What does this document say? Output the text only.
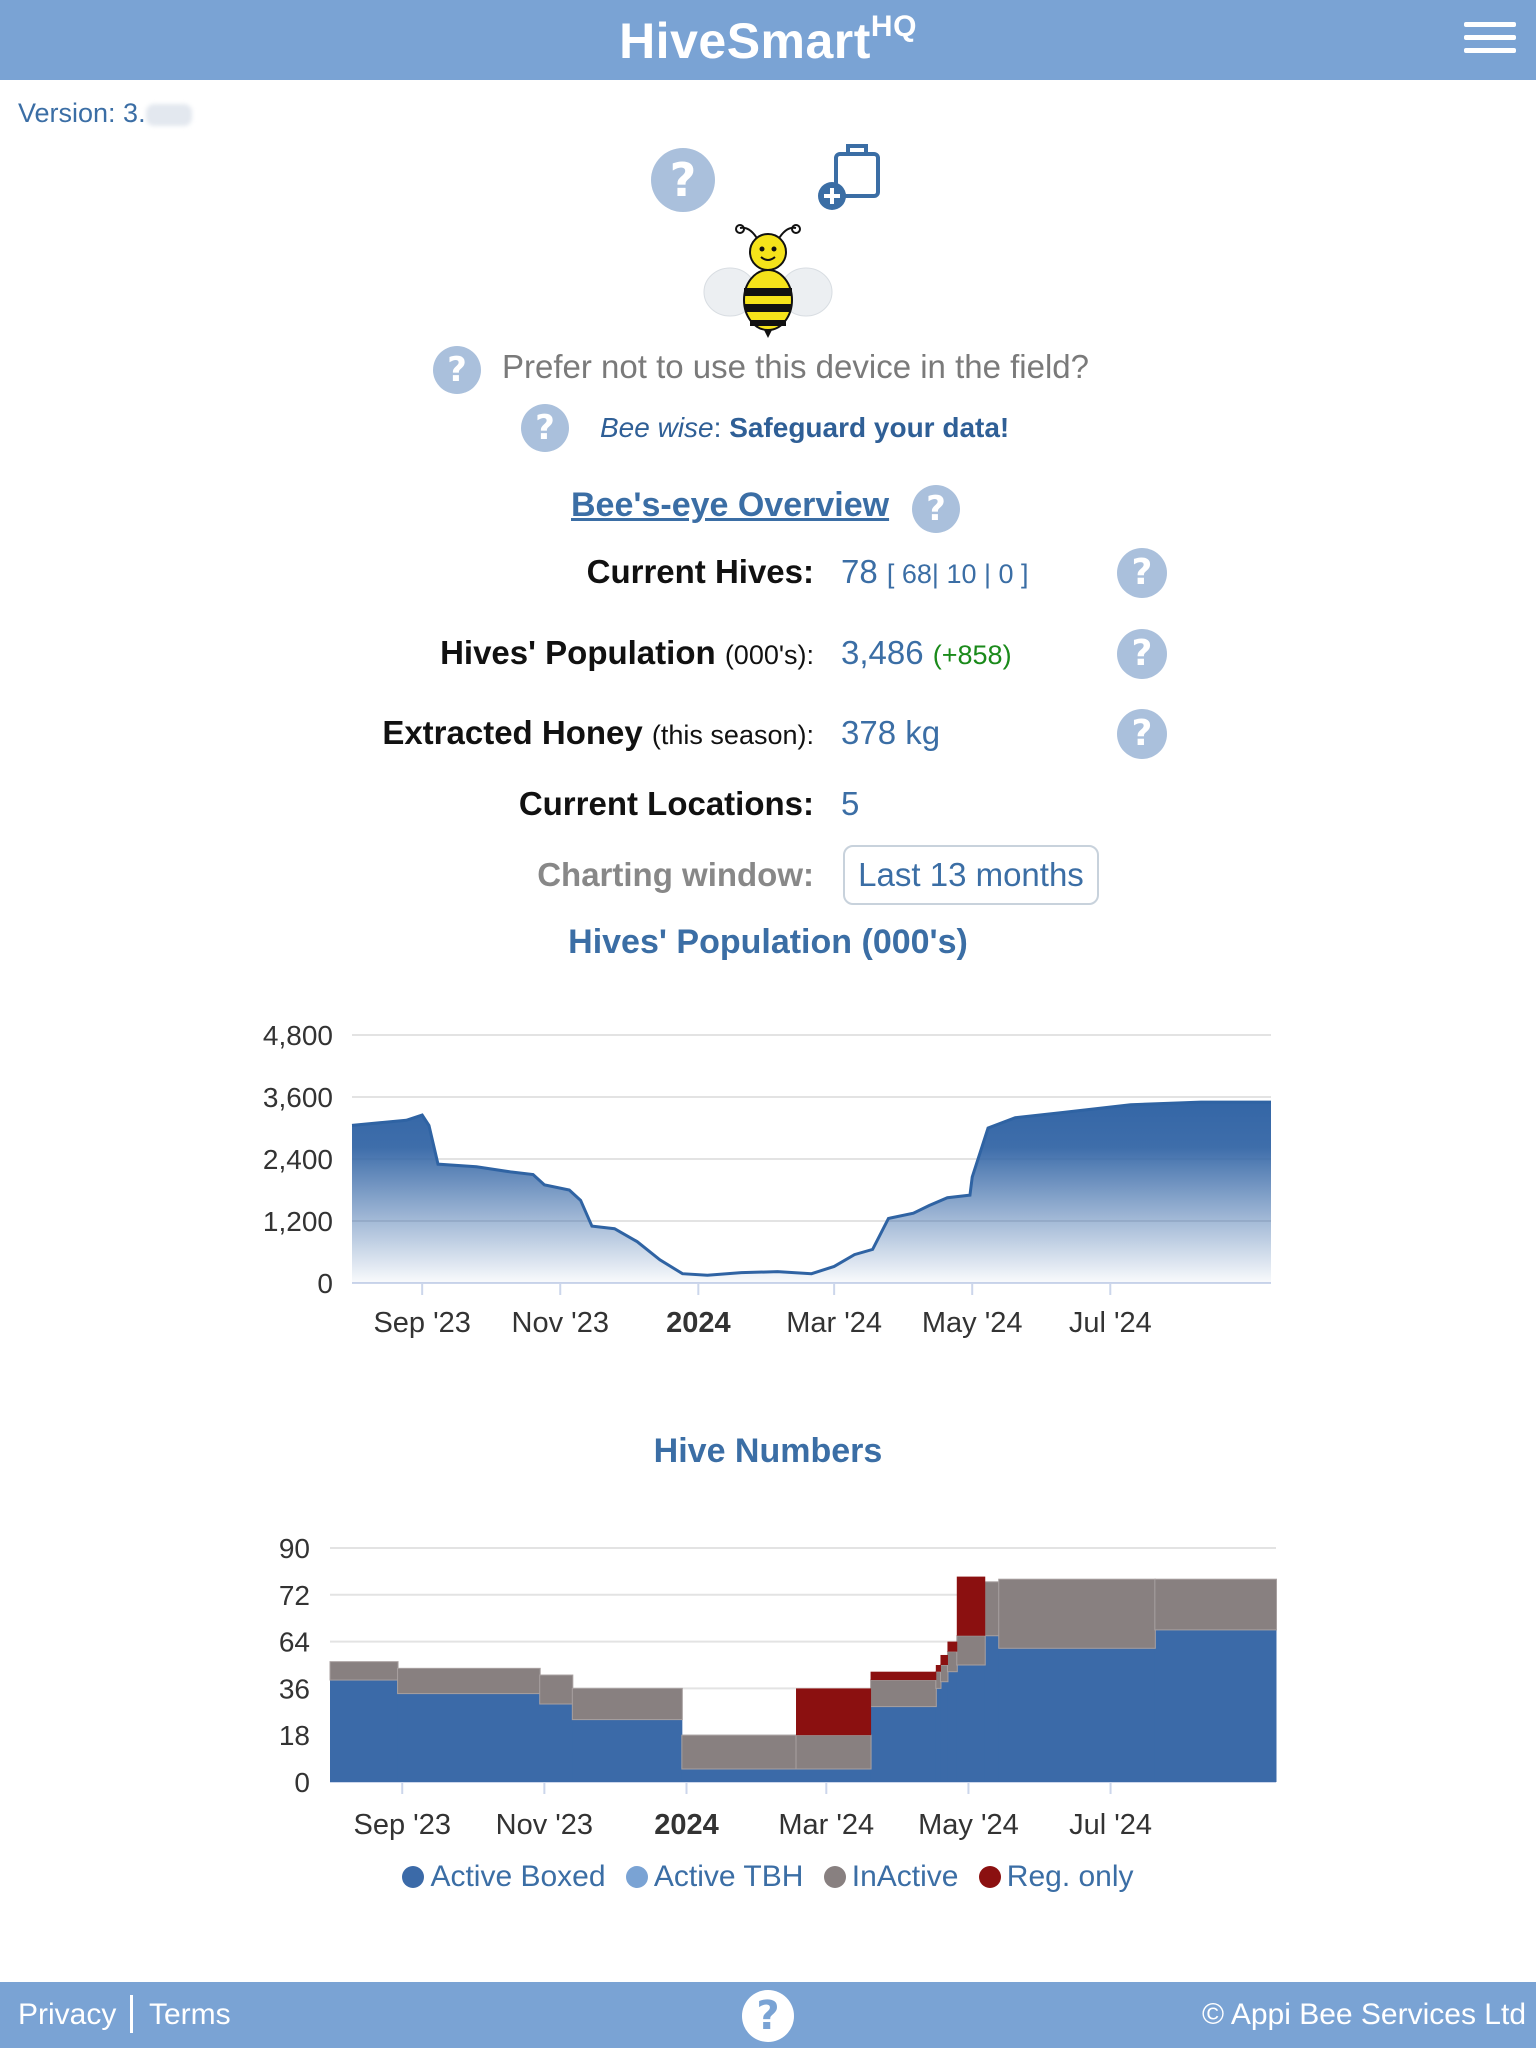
HiveSmart$^{HQ}$
Version: 3.
?
?	Prefer not to use this device in the field?
?	Bee wise: Safeguard your data!
Bee's-eye Overview	?
Current Hives: 78 [ 68| 10 | 0 ]	?
Hives' Population (000's): 3,486 (+858)	?
Extracted Honey (this season): 378 kg	?
Current Locations: 5
Charting window:	Last 13 months
Hives' Population (000's)
4,800
3,600
2,400
1,200
0
Sep '23 Nov '23 2024 Mar '24 May '24 Jul '24
Hive Numbers
90
72
64
36
18
0
Sep '23 Nov '23 2024 Mar '24 May '24 Jul '24
Active Boxed Active TBH InActive Reg. only
Privacy Terms	?	© Appi Bee Services Ltd
